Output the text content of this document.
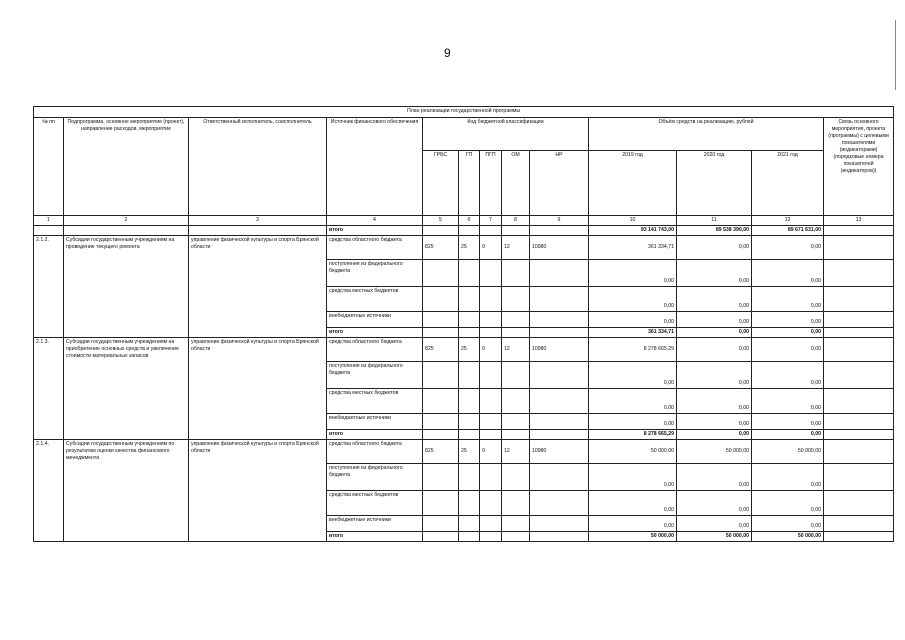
9
План реализации государственной программы												
№ пп	Подпрограмма, основное мероприятие (проект), направление расходов, мероприятие	Ответственный исполнитель, соисполнитель	Источник финансового обеспечения	Код бюджетной классификации					Объём средств на реализацию, рублей			Связь основного мероприятия, проекта (программы) с целевыми показателями (индикаторами) (порядковые номера показателей (индикаторов))
				ГРБС	ГП	ПГП	ОМ	НР	2019 год	2020 год	2021 год	
1	2	3	4	5	6	7	8	9	10	11	12	13
			итого						93 141 743,00	89 538 390,00	89 671 631,00	
2.1.2.	Субсидии государственным учреждениям на проведение текущего ремонта	управление физической культуры и спорта Брянской области	средства областного бюджета	825	25	0	12	10980	361 334,71	0,00	0,00	
			поступления из федерального бюджета						0,00	0,00	0,00	
			средства местных бюджетов						0,00	0,00	0,00	
			внебюджетные источники						0,00	0,00	0,00	
			итого						361 334,71	0,00	0,00	
2.1.3.	Субсидии государственным учреждениям на приобретение основных средств и увеличение стоимости материальных запасов	управление физической культуры и спорта Брянской области	средства областного бюджета	825	25	0	12	10980	8 278 665,29	0,00	0,00	
			поступления из федерального бюджета						0,00	0,00	0,00	
			средства местных бюджетов						0,00	0,00	0,00	
			внебюджетные источники						0,00	0,00	0,00	
			итого						8 278 665,29	0,00	0,00	
2.1.4.	Субсидии государственным учреждениям по результатам оценки качества финансового менеджмента	управление физической культуры и спорта Брянской области	средства областного бюджета	825	25	0	12	10980	50 000,00	50 000,00	50 000,00	
			поступления из федерального бюджета						0,00	0,00	0,00	
			средства местных бюджетов						0,00	0,00	0,00	
			внебюджетные источники						0,00	0,00	0,00	
			итого						50 000,00	50 000,00	50 000,00	
